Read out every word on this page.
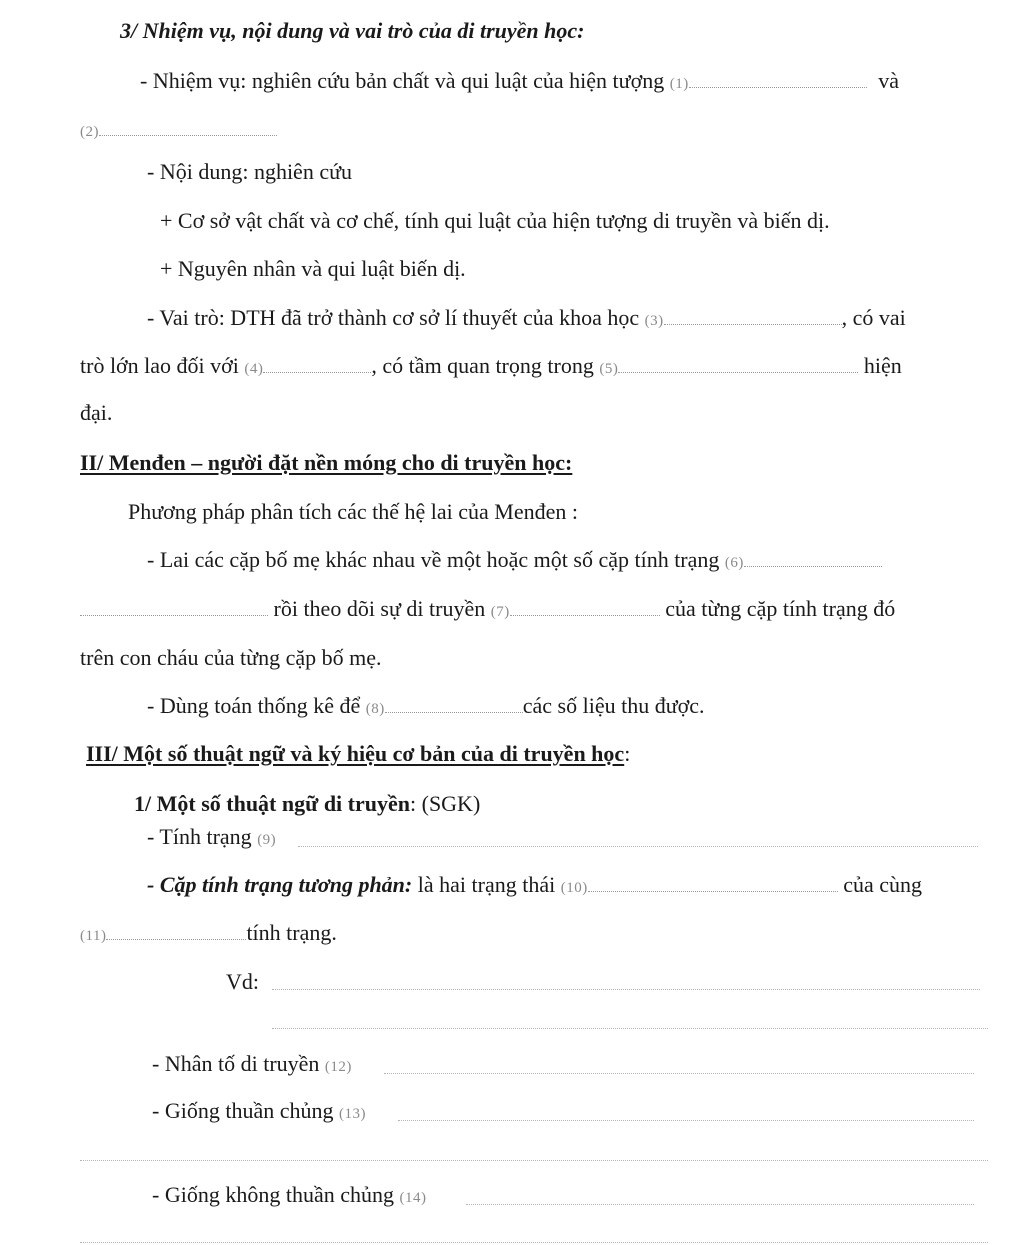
3/ Nhiệm vụ, nội dung và vai trò của di truyền học:
- Nhiệm vụ: nghiên cứu bản chất và qui luật của hiện tượng (1)	và
(2)
- Nội dung: nghiên cứu
+ Cơ sở vật chất và cơ chế, tính qui luật của hiện tượng di truyền và biến dị.
+ Nguyên nhân và qui luật biến dị.
- Vai trò: DTH đã trở thành cơ sở lí thuyết của khoa học (3)	, có vai
trò lớn lao đối với (4)	, có tầm quan trọng trong (5)	hiện
đại.
II/ Menđen – người đặt nền móng cho di truyền học:
Phương pháp phân tích các thế hệ lai của Menđen :
- Lai các cặp bố mẹ khác nhau về một hoặc một số cặp tính trạng (6)
rồi theo dõi sự di truyền (7)	của từng cặp tính trạng đó
trên con cháu của từng cặp bố mẹ.
- Dùng toán thống kê để (8)	các số liệu thu được.
III/ Một số thuật ngữ và ký hiệu cơ bản của di truyền học:
1/ Một số thuật ngữ di truyền: (SGK)
- Tính trạng (9)
- Cặp tính trạng tương phản: là hai trạng thái (10)	của cùng
(11)	tính trạng.
Vd:
- Nhân tố di truyền (12)
- Giống thuần chủng (13)
- Giống không thuần chủng (14)
